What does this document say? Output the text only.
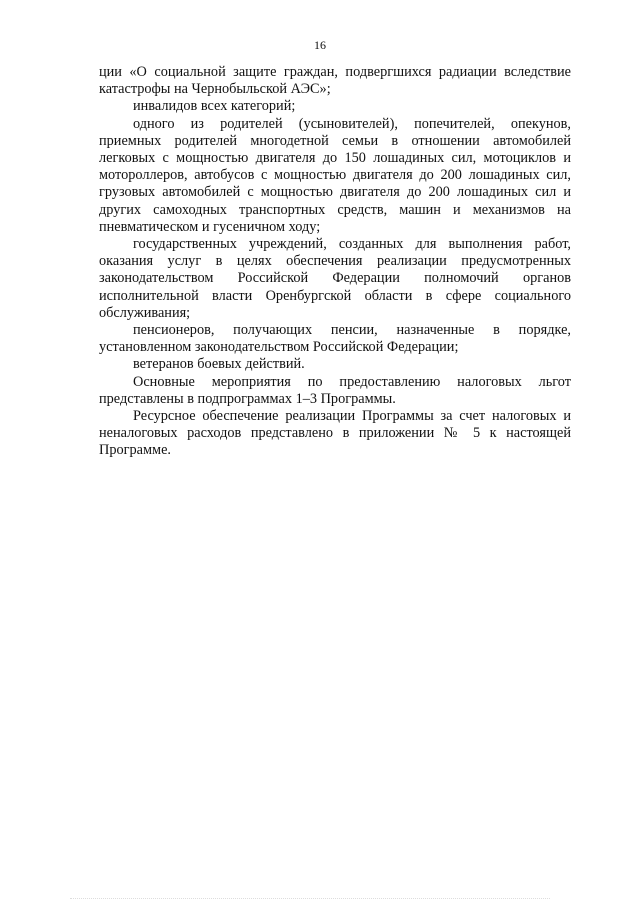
16

ции «О социальной защите граждан, подвергшихся радиации вследствие катастрофы на Чернобыльской АЭС»;

инвалидов всех категорий;

одного из родителей (усыновителей), попечителей, опекунов, приемных родителей многодетной семьи в отношении автомобилей легковых с мощностью двигателя до 150 лошадиных сил, мотоциклов и мотороллеров, автобусов с мощностью двигателя до 200 лошадиных сил, грузовых автомобилей с мощностью двигателя до 200 лошадиных сил и других самоходных транспортных средств, машин и механизмов на пневматическом и гусеничном ходу;

государственных учреждений, созданных для выполнения работ, оказания услуг в целях обеспечения реализации предусмотренных законодательством Российской Федерации полномочий органов исполнительной власти Оренбургской области в сфере социального обслуживания;

пенсионеров, получающих пенсии, назначенные в порядке, установленном законодательством Российской Федерации;

ветеранов боевых действий.

Основные мероприятия по предоставлению налоговых льгот представлены в подпрограммах 1–3 Программы.

Ресурсное обеспечение реализации Программы за счет налоговых и неналоговых расходов представлено в приложении № 5 к настоящей Программе.
